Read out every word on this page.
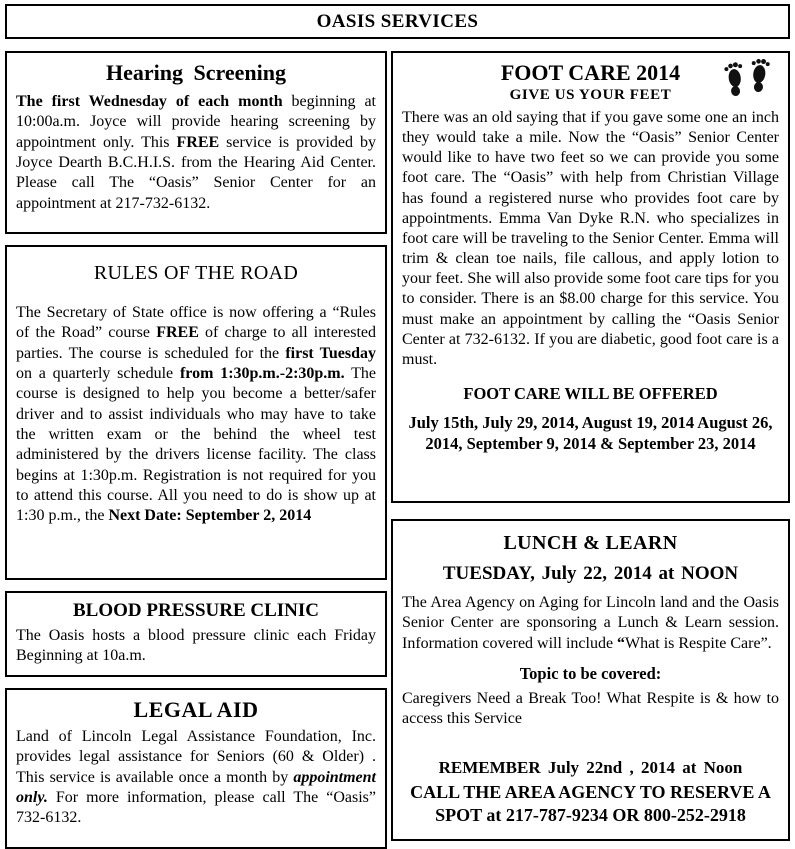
OASIS SERVICES
Hearing Screening

The first Wednesday of each month beginning at 10:00a.m. Joyce will provide hearing screening by appointment only. This FREE service is provided by Joyce Dearth B.C.H.I.S. from the Hearing Aid Center. Please call The “Oasis” Senior Center for an appointment at 217-732-6132.

RULES OF THE ROAD

The Secretary of State office is now offering a “Rules of the Road” course FREE of charge to all interested parties. The course is scheduled for the first Tuesday on a quarterly schedule from 1:30p.m.-2:30p.m. The course is designed to help you become a better/safer driver and to assist individuals who may have to take the written exam or the behind the wheel test administered by the drivers license facility. The class begins at 1:30p.m. Registration is not required for you to attend this course. All you need to do is show up at 1:30 p.m., the Next Date: September 2, 2014

BLOOD PRESSURE CLINIC

The Oasis hosts a blood pressure clinic each Friday Beginning at 10a.m.

LEGAL AID

Land of Lincoln Legal Assistance Foundation, Inc. provides legal assistance for Seniors (60 & Older) . This service is available once a month by appointment only. For more information, please call The “Oasis” 732-6132.

FOOT CARE 2014
GIVE US YOUR FEET

There was an old saying that if you gave some one an inch they would take a mile. Now the “Oasis” Senior Center would like to have two feet so we can provide you some foot care. The “Oasis” with help from Christian Village has found a registered nurse who provides foot care by appointments. Emma Van Dyke R.N. who specializes in foot care will be traveling to the Senior Center. Emma will trim & clean toe nails, file callous, and apply lotion to your feet. She will also provide some foot care tips for you to consider. There is an $8.00 charge for this service. You must make an appointment by calling the “Oasis Senior Center at 732-6132. If you are diabetic, good foot care is a must.

FOOT CARE WILL BE OFFERED
July 15th, July 29, 2014, August 19, 2014 August 26, 2014, September 9, 2014 & September 23, 2014
LUNCH & LEARN
TUESDAY, July 22, 2014 at NOON

The Area Agency on Aging for Lincoln land and the Oasis Senior Center are sponsoring a Lunch & Learn session. Information covered will include “What is Respite Care”.

Topic to be covered:

Caregivers Need a Break Too! What Respite is & how to access this Service

REMEMBER July 22nd , 2014 at Noon
CALL THE AREA AGENCY TO RESERVE A SPOT at 217-787-9234 OR 800-252-2918
